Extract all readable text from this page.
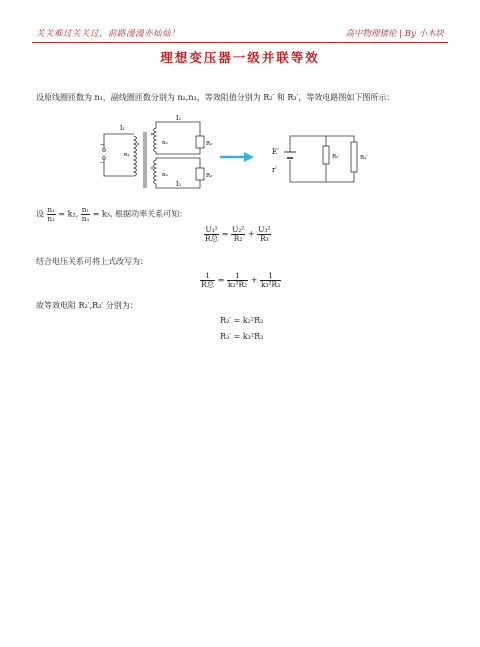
关关难过关关过，前路漫漫亦灿灿！	高中物理猪伦 | By 小木块
理想变压器一级并联等效
设原线圈匝数为 n₁，副线圈匝数分别为 n₂,n₃，等效阻值分别为 R₂′ 和 R₃′，等效电路图如下图所示：
~
−
I₁
I₂
I₃
n₁
n₂
n₃
R₂
R₃
E′
r′
R₂′	R₃′
设 $\frac{\text{n₁}}{\text{n₂}} = k_2$, $\frac{\text{n₁}}{\text{n₃}} = k_3$, 根据功率关系可知：
$\frac{\text{U₁²}}{\text{R总}} = \frac{\text{U₂²}}{\text{R₂}} + \frac{\text{U₃²}}{\text{R₃}}$
结合电压关系可将上式改写为：
$\frac{1}{\text{R总}} = \frac{1}{\text{k₂²R₂}} + \frac{1}{\text{k₃²R₃}}$
故等效电阻 R₂′,R₃′ 分别为：
R₂′ = k₂²R₂
R₃′ = k₃²R₃
